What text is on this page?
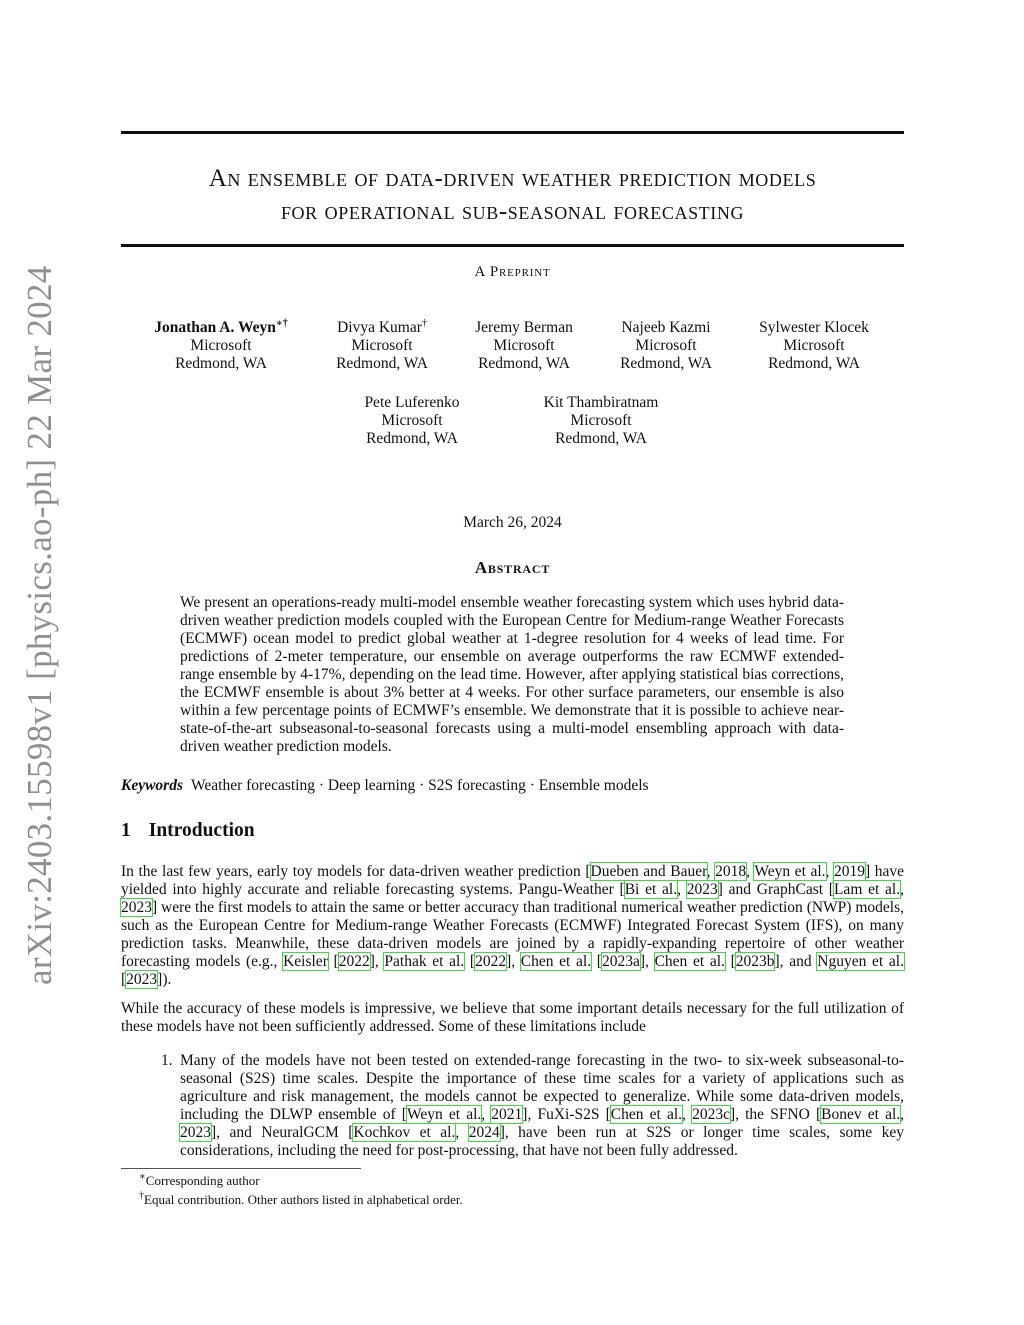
arXiv:2403.15598v1 [physics.ao-ph] 22 Mar 2024
An ensemble of data-driven weather prediction models
for operational sub-seasonal forecasting
A Preprint
Jonathan A. Weyn∗†
Microsoft
Redmond, WA
Divya Kumar†
Microsoft
Redmond, WA
Jeremy Berman
Microsoft
Redmond, WA
Najeeb Kazmi
Microsoft
Redmond, WA
Sylwester Klocek
Microsoft
Redmond, WA
Pete Luferenko
Microsoft
Redmond, WA
Kit Thambiratnam
Microsoft
Redmond, WA
March 26, 2024
Abstract
We present an operations-ready multi-model ensemble weather forecasting system which uses hybrid data-driven weather prediction models coupled with the European Centre for Medium-range Weather Forecasts (ECMWF) ocean model to predict global weather at 1-degree resolution for 4 weeks of lead time. For predictions of 2-meter temperature, our ensemble on average outperforms the raw ECMWF extended-range ensemble by 4-17%, depending on the lead time. However, after applying statistical bias corrections, the ECMWF ensemble is about 3% better at 4 weeks. For other surface parameters, our ensemble is also within a few percentage points of ECMWF’s ensemble. We demonstrate that it is possible to achieve near-state-of-the-art subseasonal-to-seasonal forecasts using a multi-model ensembling approach with data-driven weather prediction models.
Keywords Weather forecasting · Deep learning · S2S forecasting · Ensemble models
1 Introduction
In the last few years, early toy models for data-driven weather prediction [Dueben and Bauer, 2018, Weyn et al., 2019] have yielded into highly accurate and reliable forecasting systems. Pangu-Weather [Bi et al., 2023] and GraphCast [Lam et al., 2023] were the first models to attain the same or better accuracy than traditional numerical weather prediction (NWP) models, such as the European Centre for Medium-range Weather Forecasts (ECMWF) Integrated Forecast System (IFS), on many prediction tasks. Meanwhile, these data-driven models are joined by a rapidly-expanding repertoire of other weather forecasting models (e.g., Keisler [2022], Pathak et al. [2022], Chen et al. [2023a], Chen et al. [2023b], and Nguyen et al. [2023]).
While the accuracy of these models is impressive, we believe that some important details necessary for the full utilization of these models have not been sufficiently addressed. Some of these limitations include
1. Many of the models have not been tested on extended-range forecasting in the two- to six-week subseasonal-to-seasonal (S2S) time scales. Despite the importance of these time scales for a variety of applications such as agriculture and risk management, the models cannot be expected to generalize. While some data-driven models, including the DLWP ensemble of [Weyn et al., 2021], FuXi-S2S [Chen et al., 2023c], the SFNO [Bonev et al., 2023], and NeuralGCM [Kochkov et al., 2024], have been run at S2S or longer time scales, some key considerations, including the need for post-processing, that have not been fully addressed.
∗Corresponding author
†Equal contribution. Other authors listed in alphabetical order.
